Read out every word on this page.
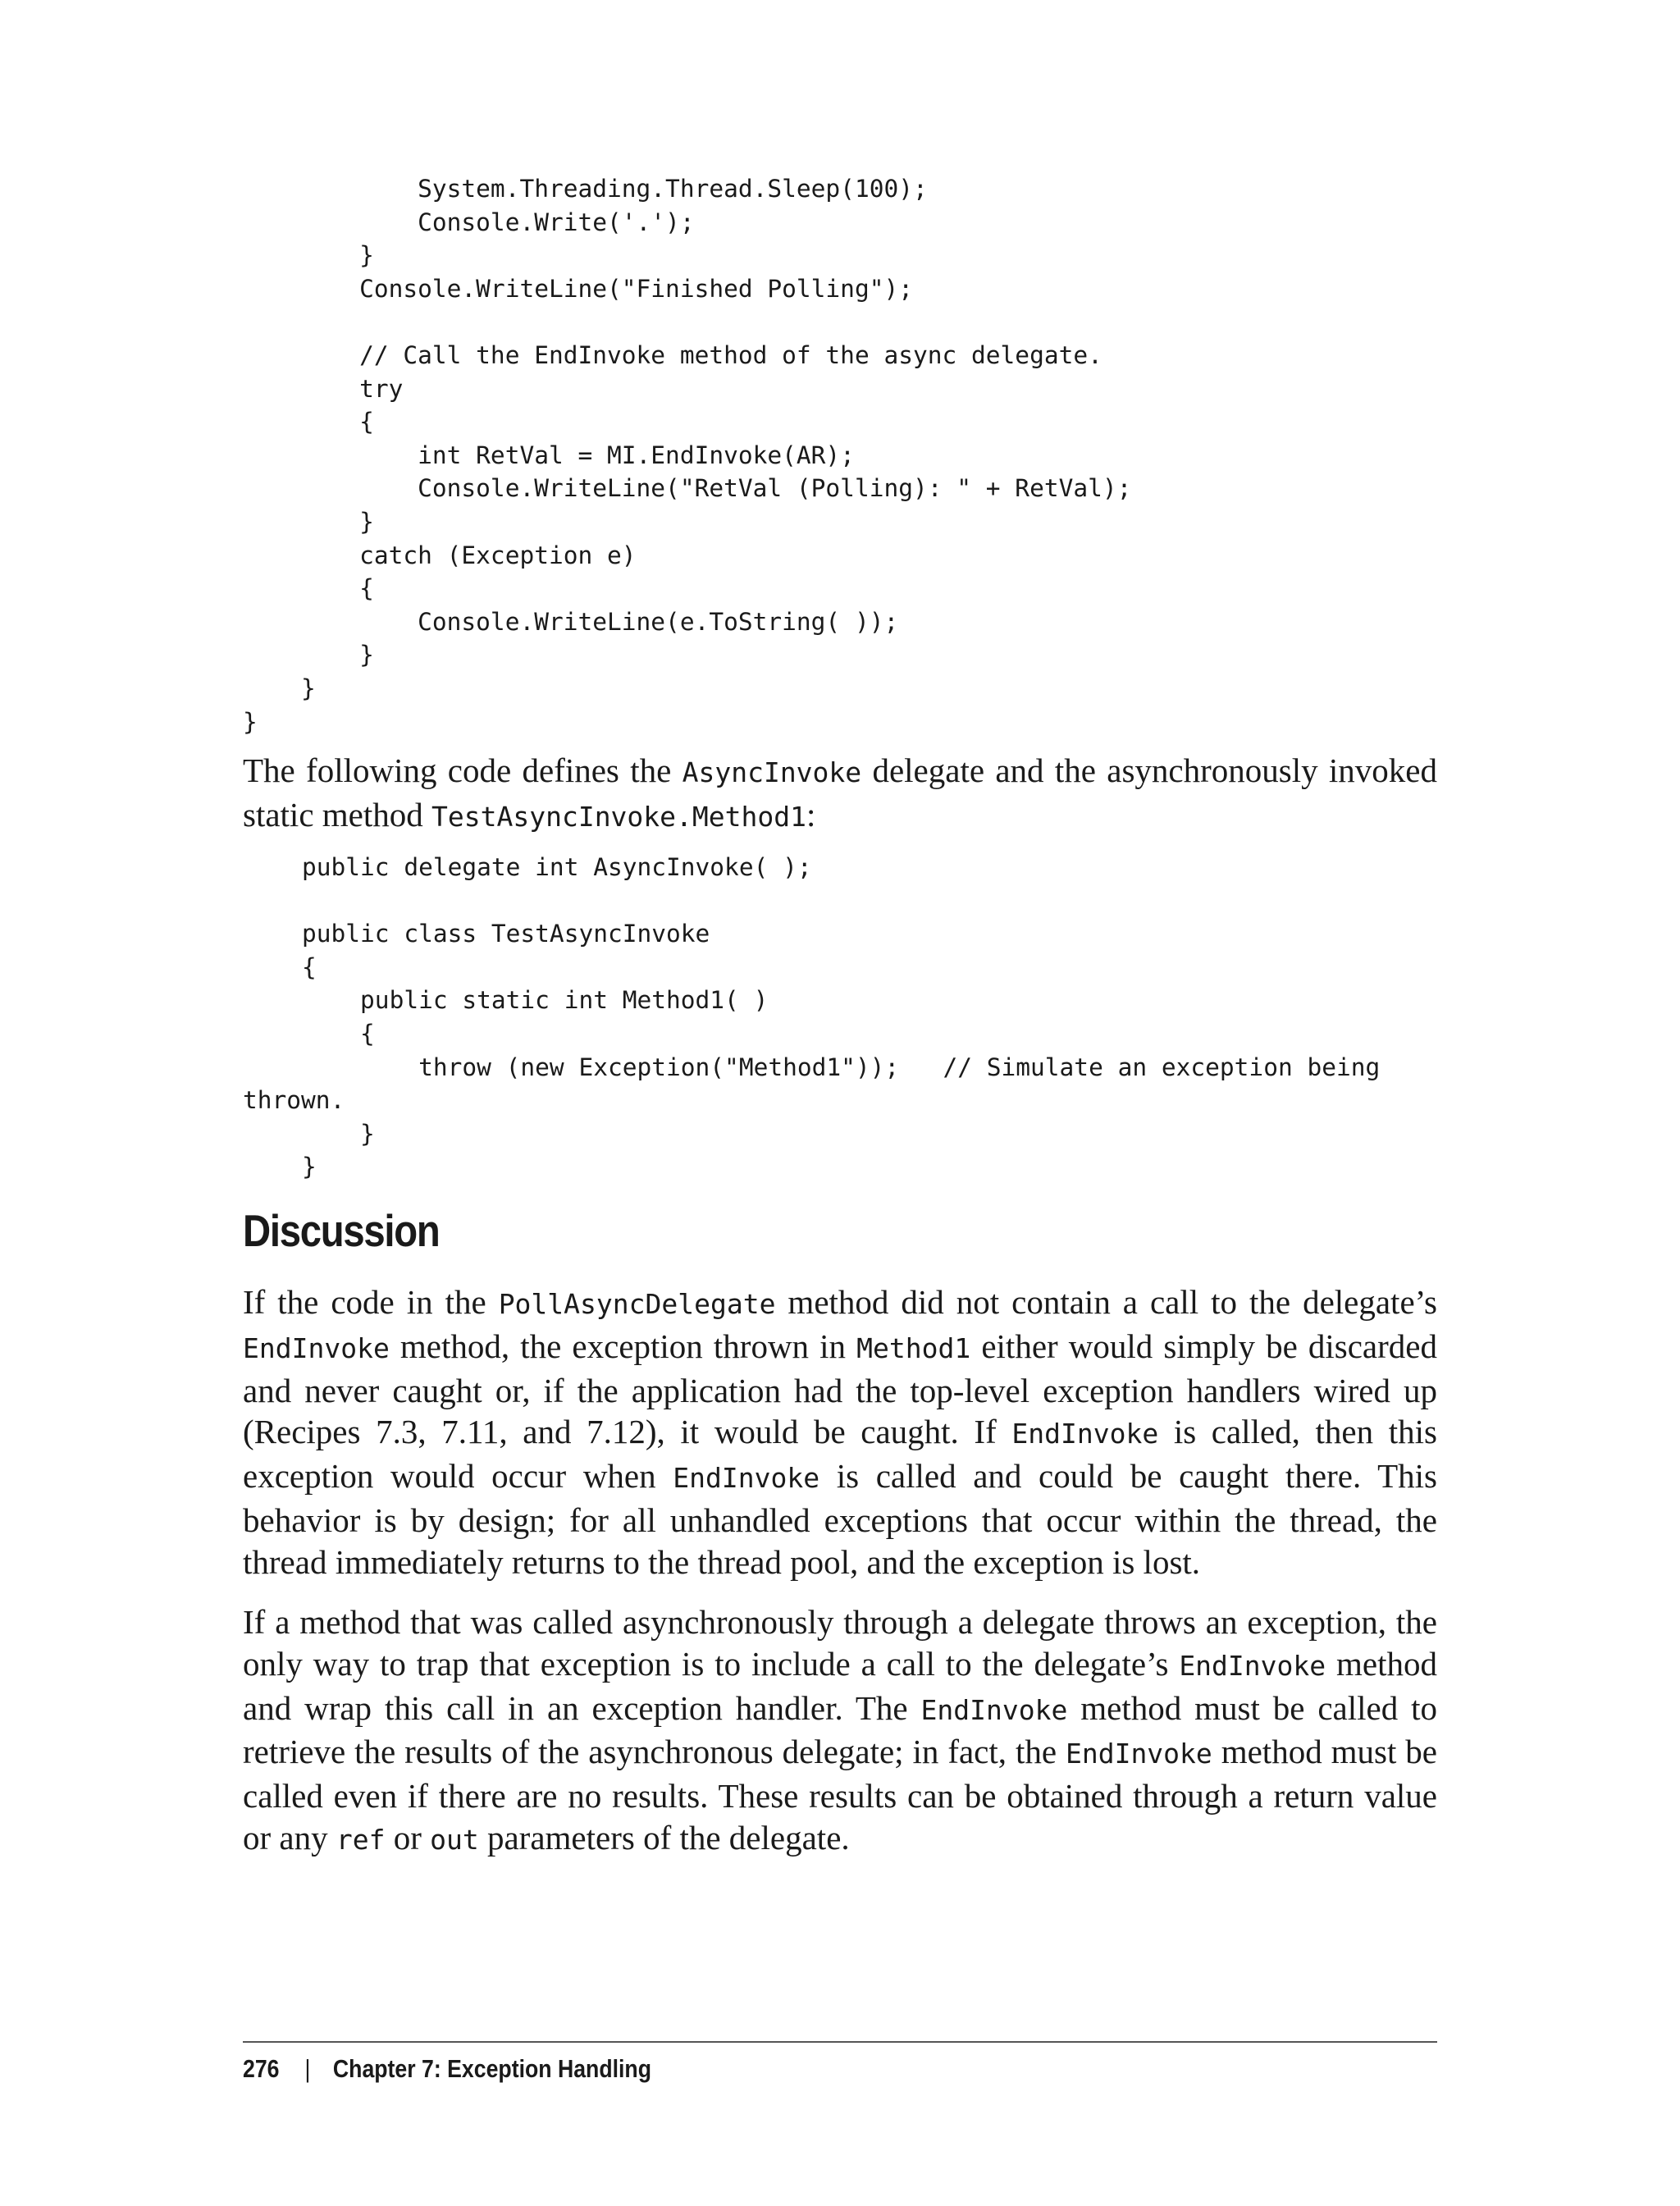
System.Threading.Thread.Sleep(100);
Console.Write('.');
}
Console.WriteLine("Finished Polling");
// Call the EndInvoke method of the async delegate.
try
{
int RetVal = MI.EndInvoke(AR);
Console.WriteLine("RetVal (Polling): " + RetVal);
}
catch (Exception e)
{
Console.WriteLine(e.ToString( ));
}
}
}

The following code defines the AsyncInvoke delegate and the asynchronously invoked static method TestAsyncInvoke.Method1:

public delegate int AsyncInvoke( );
public class TestAsyncInvoke
{
public static int Method1( )
{
throw (new Exception("Method1"));   // Simulate an exception being
thrown.
}
}
Discussion

If the code in the PollAsyncDelegate method did not contain a call to the delegate’s EndInvoke method, the exception thrown in Method1 either would simply be discarded and never caught or, if the application had the top-level exception handlers wired up (Recipes 7.3, 7.11, and 7.12), it would be caught. If EndInvoke is called, then this exception would occur when EndInvoke is called and could be caught there. This behavior is by design; for all unhandled exceptions that occur within the thread, the thread immediately returns to the thread pool, and the exception is lost.

If a method that was called asynchronously through a delegate throws an exception, the only way to trap that exception is to include a call to the delegate’s EndInvoke method and wrap this call in an exception handler. The EndInvoke method must be called to retrieve the results of the asynchronous delegate; in fact, the EndInvoke method must be called even if there are no results. These results can be obtained through a return value or any ref or out parameters of the delegate.

276 | Chapter 7: Exception Handling
